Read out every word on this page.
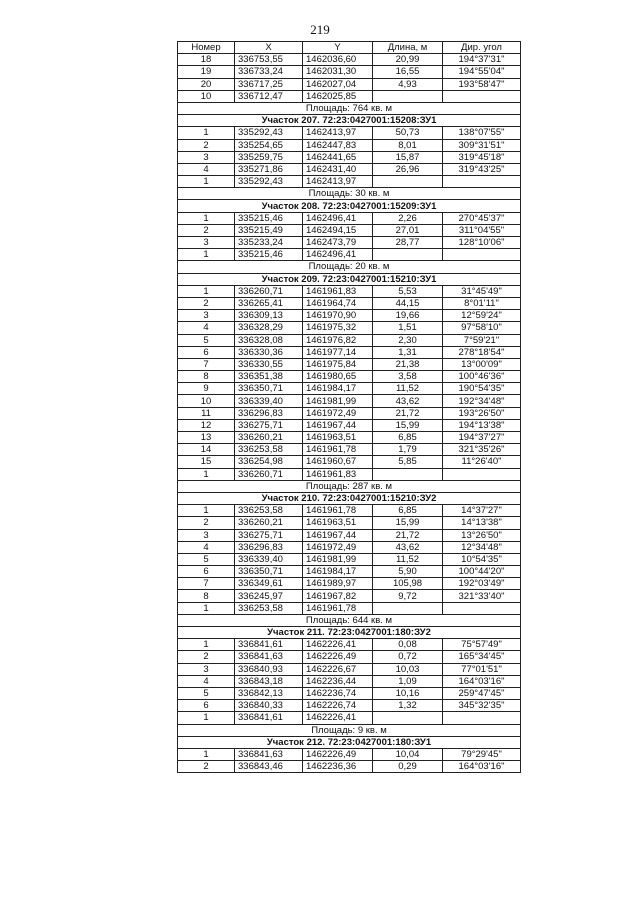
219
Номер	X	Y	Длина, м	Дир. угол
18	336753,55	1462036,60	20,99	194°37'31"
19	336733,24	1462031,30	16,55	194°55'04"
20	336717,25	1462027,04	4,93	193°58'47"
10	336712,47	1462025,85		
Площадь: 764 кв. м				
Участок 207. 72:23:0427001:15208:ЗУ1				
1	335292,43	1462413,97	50,73	138°07'55"
2	335254,65	1462447,83	8,01	309°31'51"
3	335259,75	1462441,65	15,87	319°45'18"
4	335271,86	1462431,40	26,96	319°43'25"
1	335292,43	1462413,97		
Площадь: 30 кв. м				
Участок 208. 72:23:0427001:15209:ЗУ1				
1	335215,46	1462496,41	2,26	270°45'37"
2	335215,49	1462494,15	27,01	311°04'55"
3	335233,24	1462473,79	28,77	128°10'06"
1	335215,46	1462496,41		
Площадь: 20 кв. м				
Участок 209. 72:23:0427001:15210:ЗУ1				
1	336260,71	1461961,83	5,53	31°45'49"
2	336265,41	1461964,74	44,15	8°01'11"
3	336309,13	1461970,90	19,66	12°59'24"
4	336328,29	1461975,32	1,51	97°58'10"
5	336328,08	1461976,82	2,30	7°59'21"
6	336330,36	1461977,14	1,31	278°18'54"
7	336330,55	1461975,84	21,38	13°00'09"
8	336351,38	1461980,65	3,58	100°46'36"
9	336350,71	1461984,17	11,52	190°54'35"
10	336339,40	1461981,99	43,62	192°34'48"
11	336296,83	1461972,49	21,72	193°26'50"
12	336275,71	1461967,44	15,99	194°13'38"
13	336260,21	1461963,51	6,85	194°37'27"
14	336253,58	1461961,78	1,79	321°35'26"
15	336254,98	1461960,67	5,85	11°26'40"
1	336260,71	1461961,83		
Площадь: 287 кв. м				
Участок 210. 72:23:0427001:15210:ЗУ2				
1	336253,58	1461961,78	6,85	14°37'27"
2	336260,21	1461963,51	15,99	14°13'38"
3	336275,71	1461967,44	21,72	13°26'50"
4	336296,83	1461972,49	43,62	12°34'48"
5	336339,40	1461981,99	11,52	10°54'35"
6	336350,71	1461984,17	5,90	100°44'20"
7	336349,61	1461989,97	105,98	192°03'49"
8	336245,97	1461967,82	9,72	321°33'40"
1	336253,58	1461961,78		
Площадь: 644 кв. м				
Участок 211. 72:23:0427001:180:ЗУ2				
1	336841,61	1462226,41	0,08	75°57'49"
2	336841,63	1462226,49	0,72	165°34'45"
3	336840,93	1462226,67	10,03	77°01'51"
4	336843,18	1462236,44	1,09	164°03'16"
5	336842,13	1462236,74	10,16	259°47'45"
6	336840,33	1462226,74	1,32	345°32'35"
1	336841,61	1462226,41		
Площадь: 9 кв. м				
Участок 212. 72:23:0427001:180:ЗУ1				
1	336841,63	1462226,49	10,04	79°29'45"
2	336843,46	1462236,36	0,29	164°03'16"
